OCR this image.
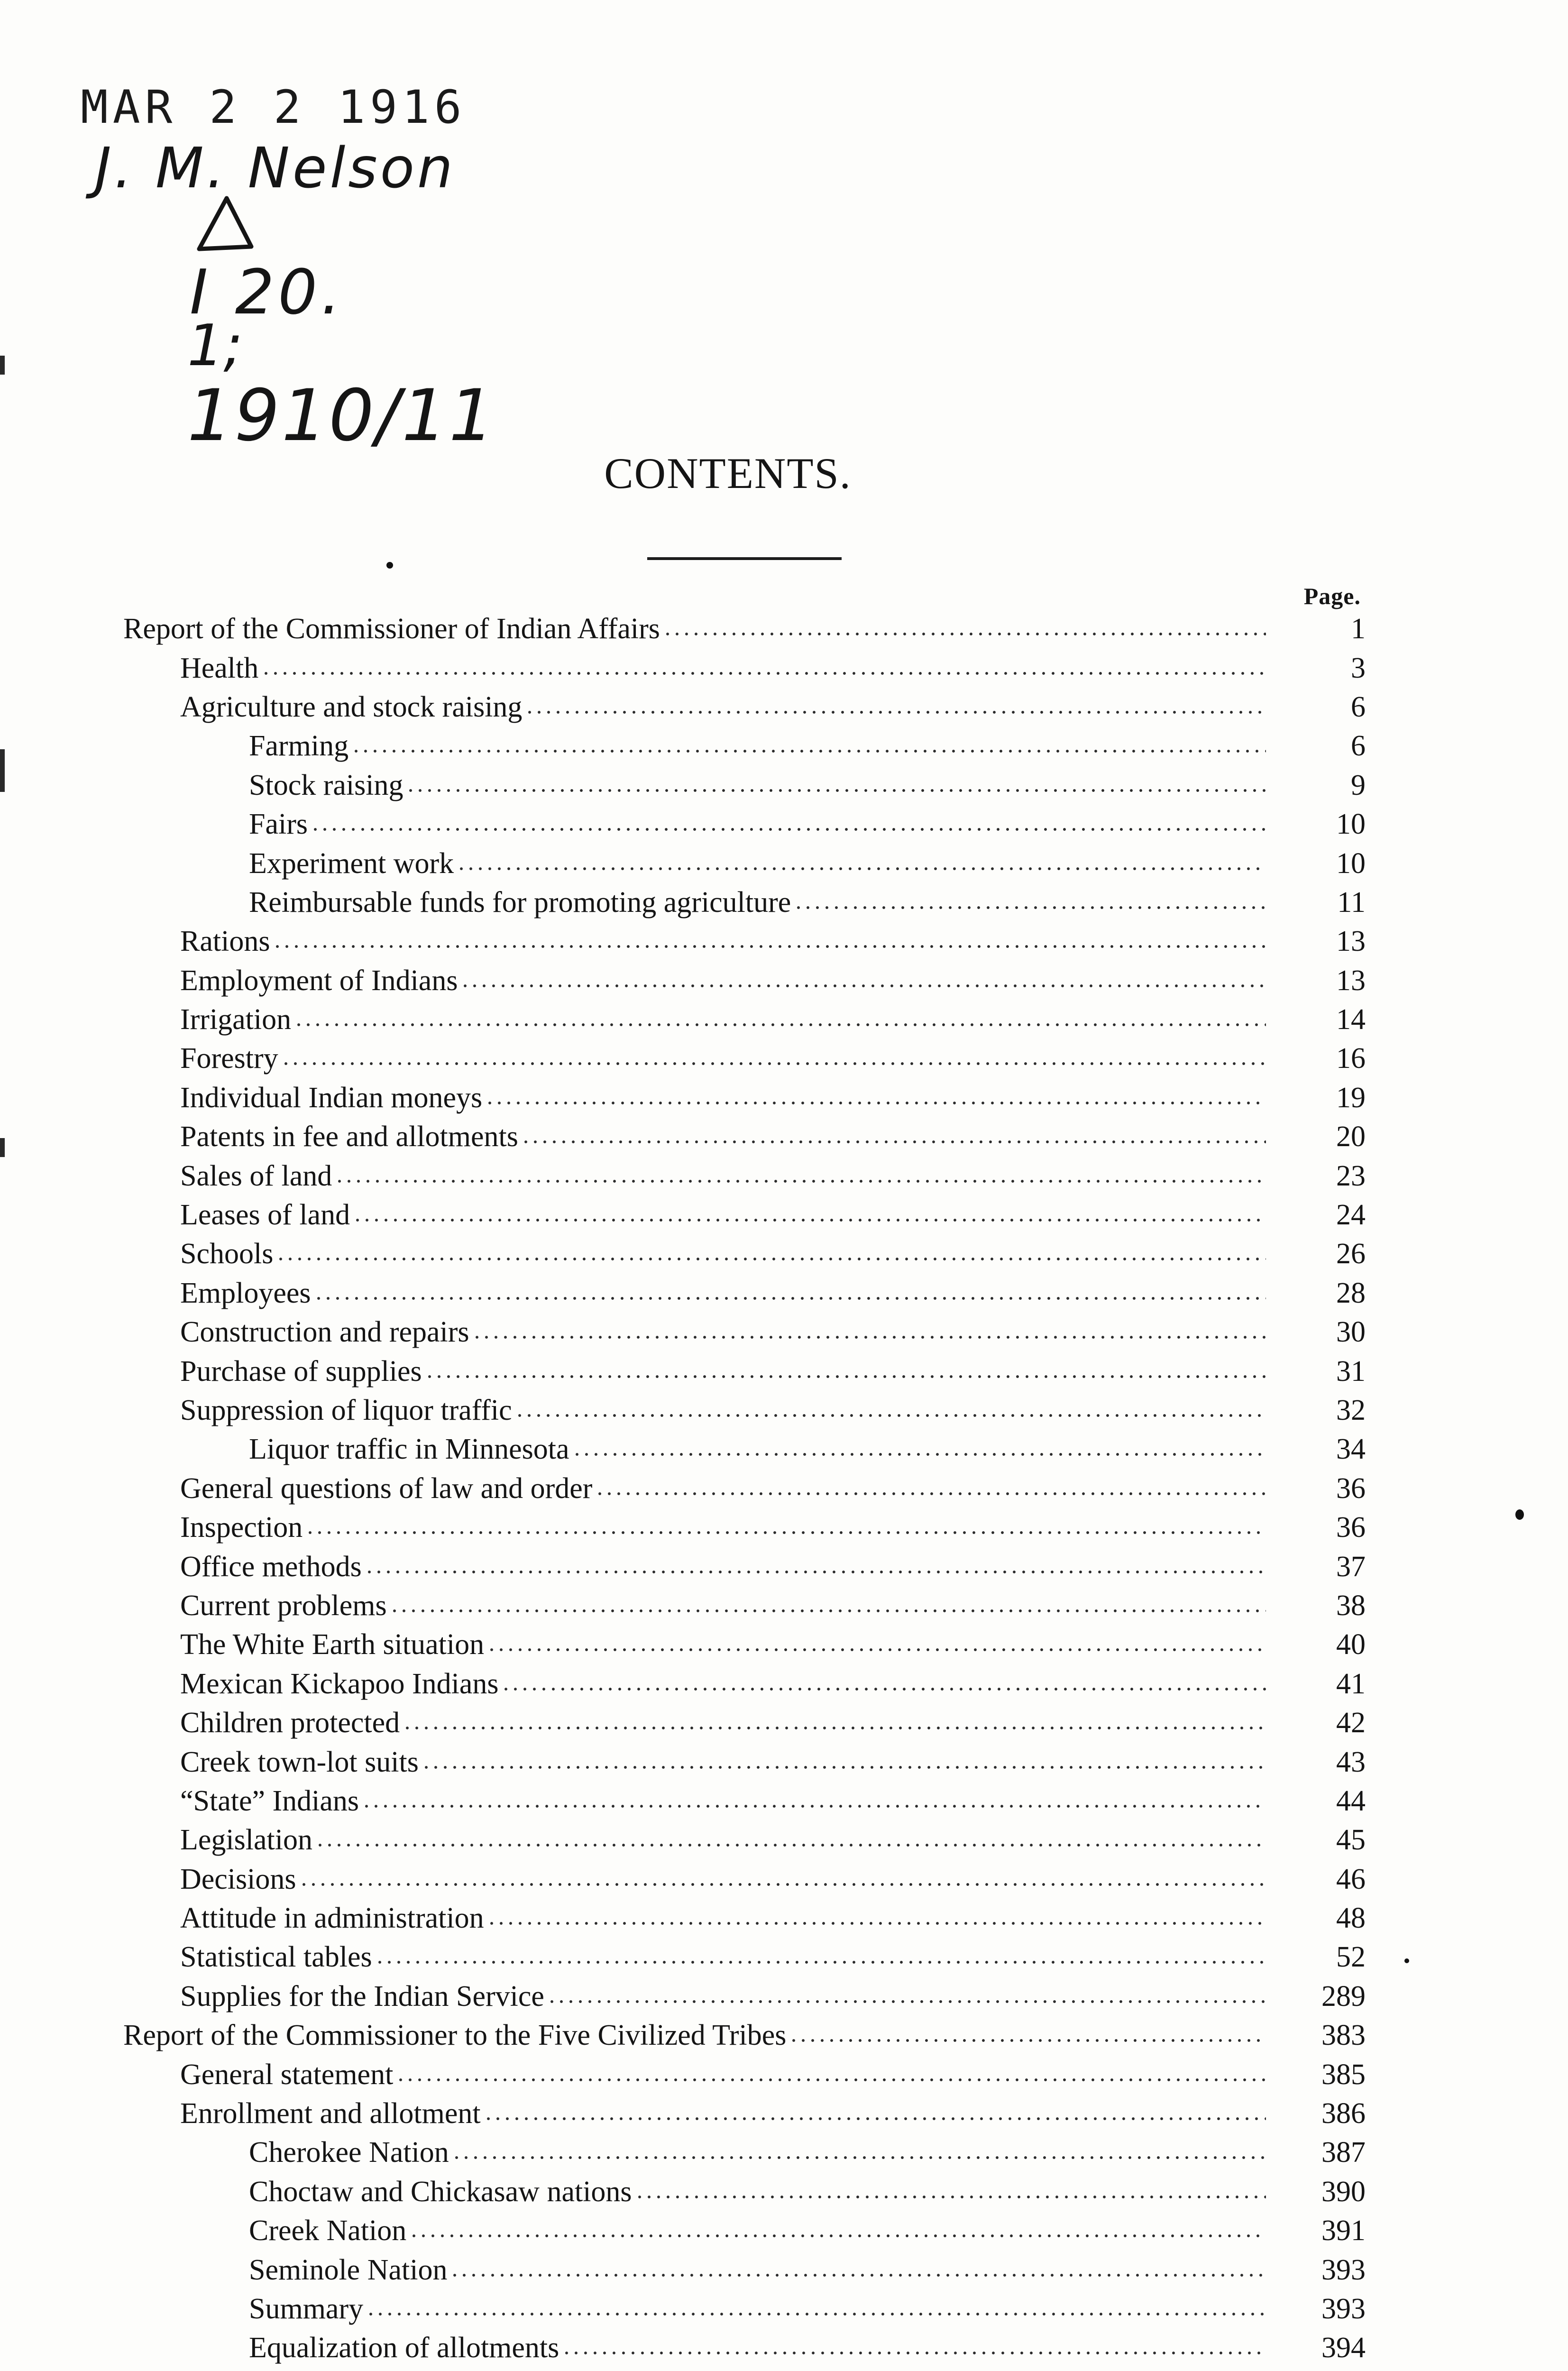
MAR 2 2 1916
J. M. Nelson
I 20.
1;
1910/11
CONTENTS.
Page.
Report of the Commissioner of Indian Affairs	1
Health	3
Agriculture and stock raising	6
Farming	6
Stock raising	9
Fairs	10
Experiment work	10
Reimbursable funds for promoting agriculture	11
Rations	13
Employment of Indians	13
Irrigation	14
Forestry	16
Individual Indian moneys	19
Patents in fee and allotments	20
Sales of land	23
Leases of land	24
Schools	26
Employees	28
Construction and repairs	30
Purchase of supplies	31
Suppression of liquor traffic	32
Liquor traffic in Minnesota	34
General questions of law and order	36
Inspection	36
Office methods	37
Current problems	38
The White Earth situation	40
Mexican Kickapoo Indians	41
Children protected	42
Creek town-lot suits	43
“State” Indians	44
Legislation	45
Decisions	46
Attitude in administration	48
Statistical tables	52
Supplies for the Indian Service	289
Report of the Commissioner to the Five Civilized Tribes	383
General statement	385
Enrollment and allotment	386
Cherokee Nation	387
Choctaw and Chickasaw nations	390
Creek Nation	391
Seminole Nation	393
Summary	393
Equalization of allotments	394
